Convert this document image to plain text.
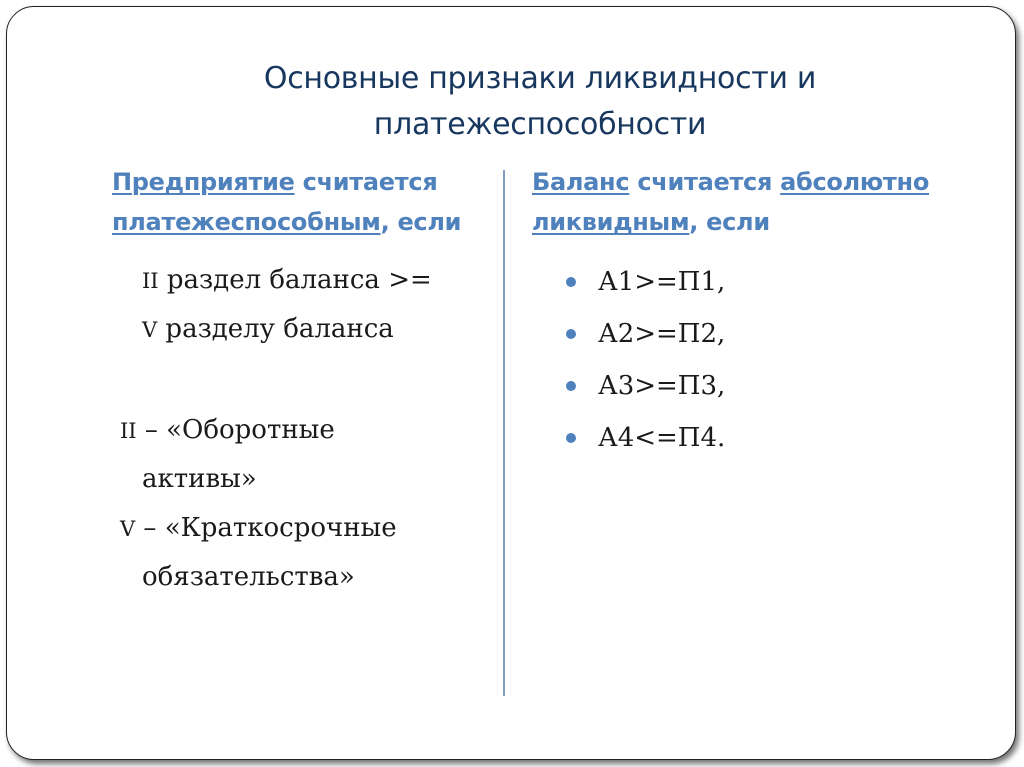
Основные признаки ликвидности и
платежеспособности
Предприятие считается
платежеспособным, если
Баланс считается абсолютно
ликвидным, если
II раздел баланса >=
V разделу баланса
II – «Оборотные
активы»
V – «Краткосрочные
обязательства»
А1>=П1,
А2>=П2,
А3>=П3,
А4<=П4.
